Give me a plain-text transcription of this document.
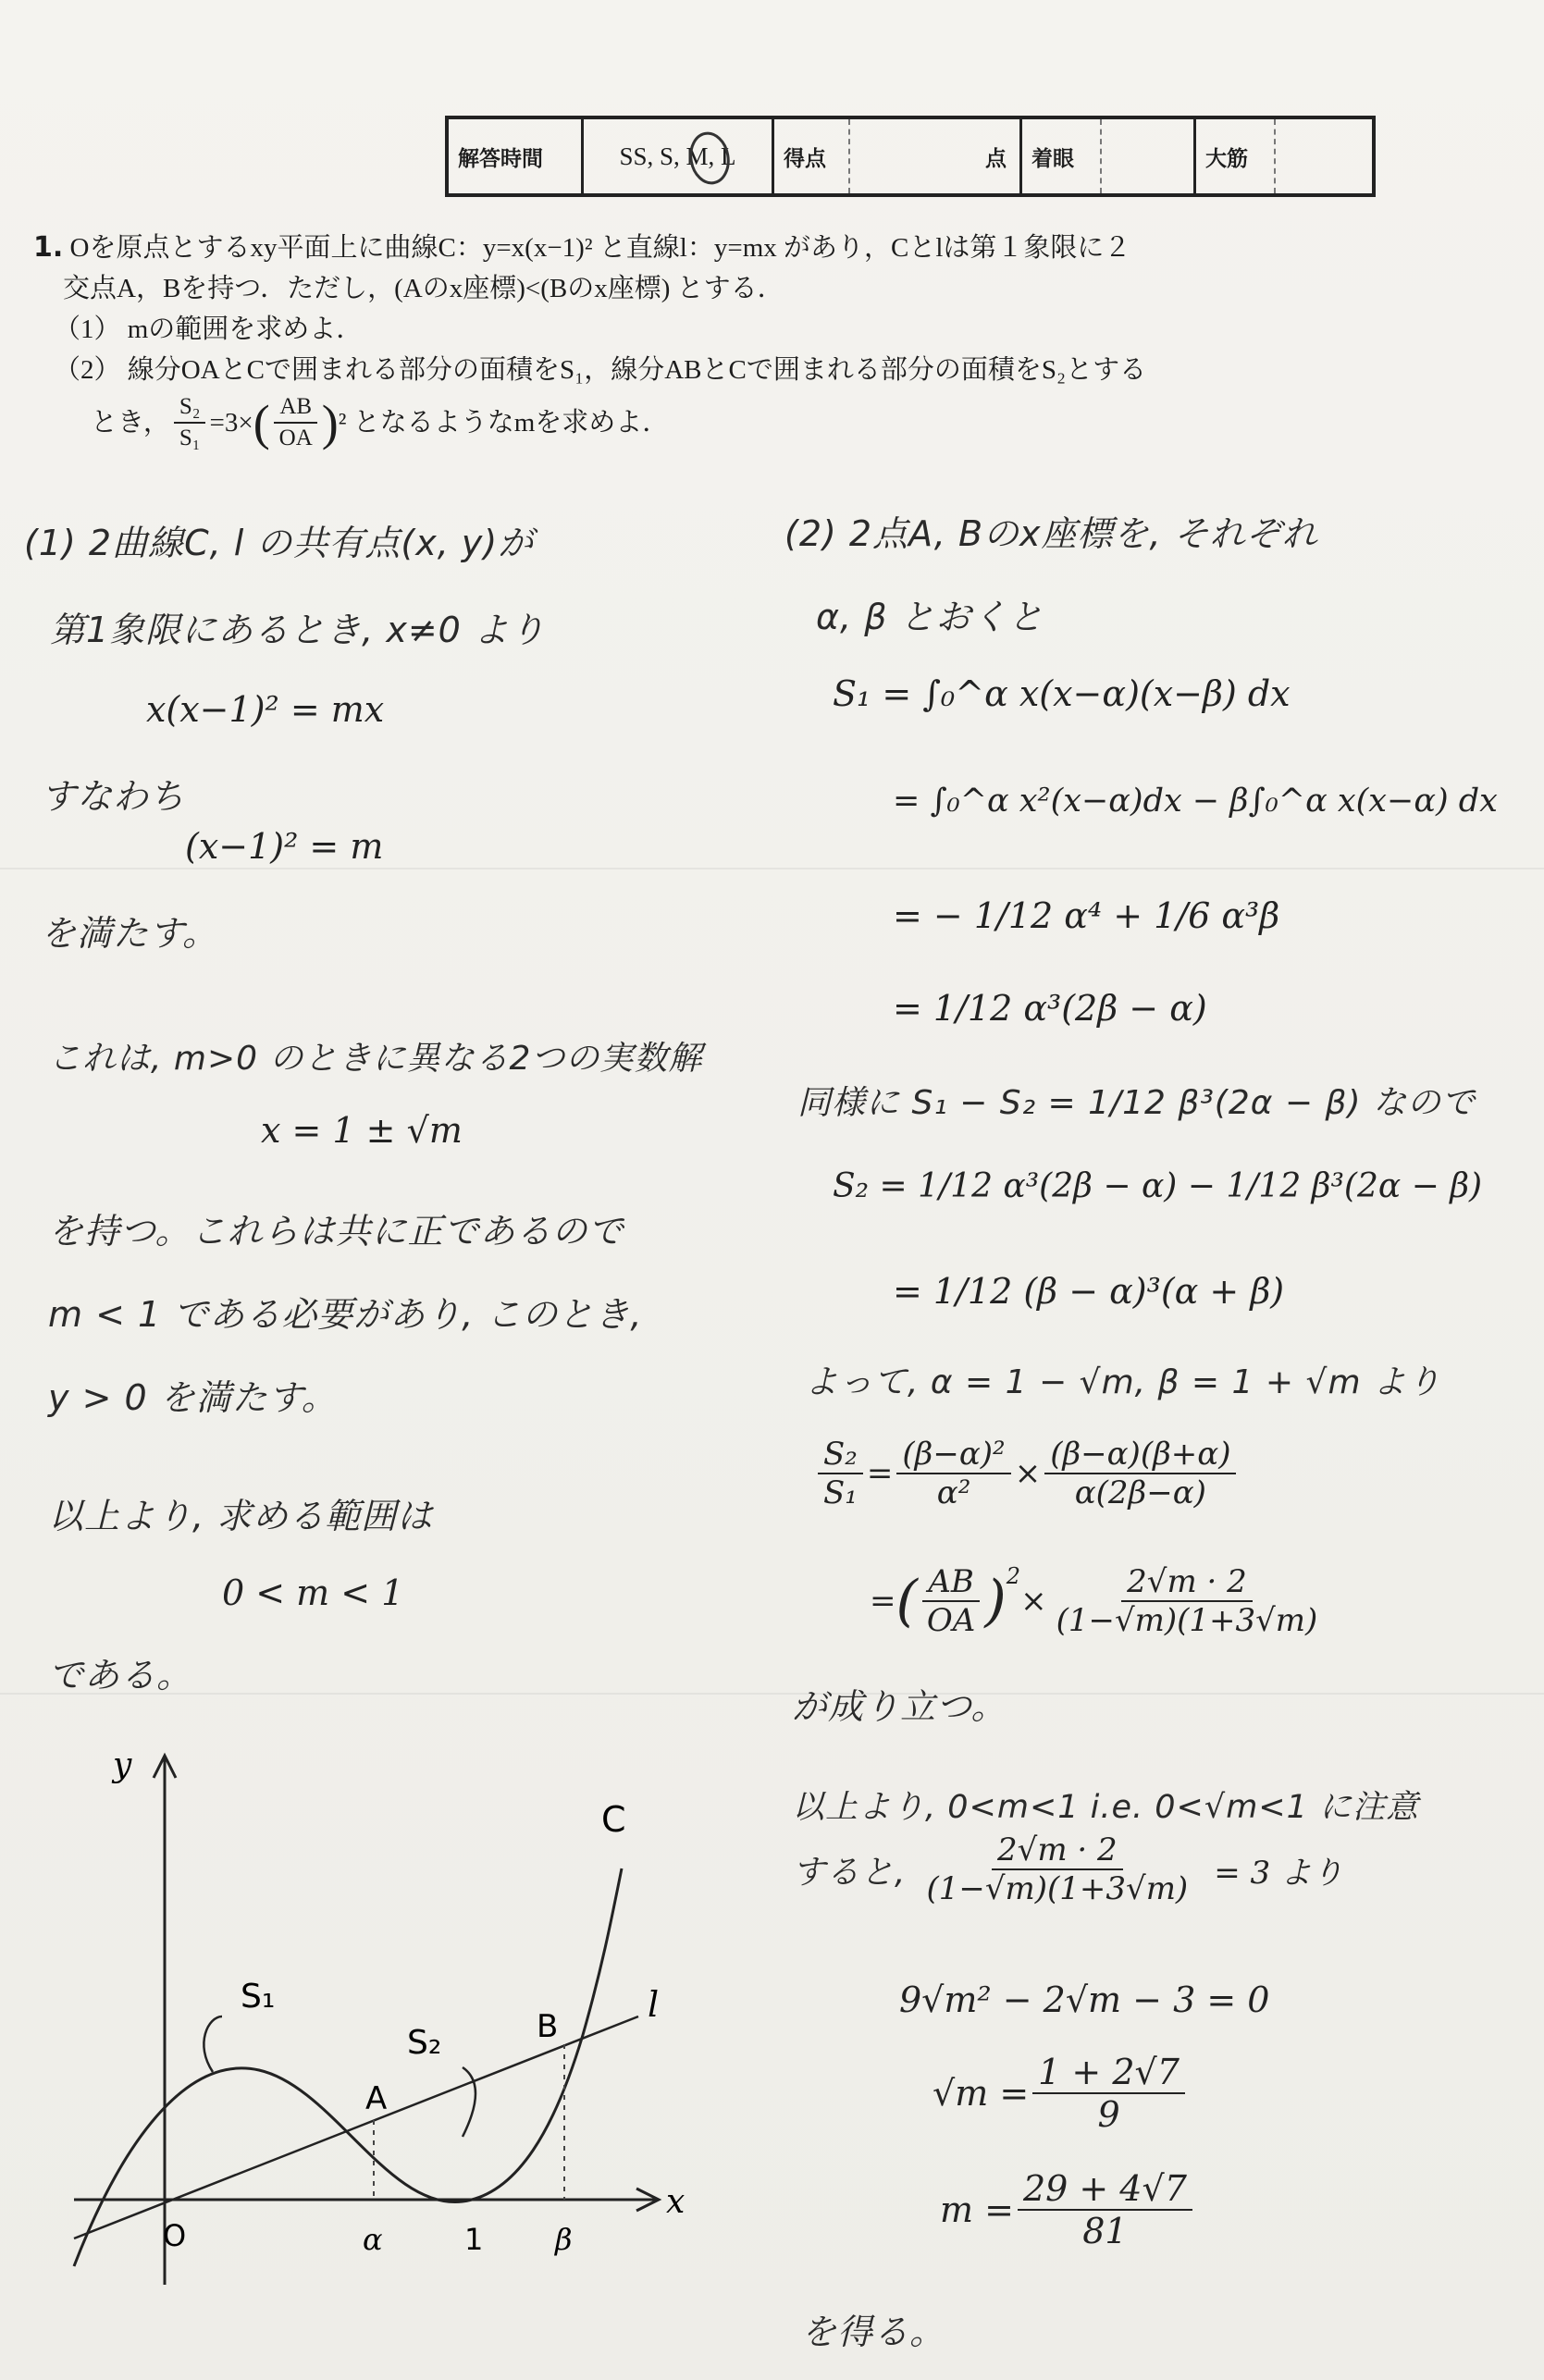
解答時間	SS, S, M, L	得点	点	着眼	大筋
1. Oを原点とするxy平面上に曲線C：y=x(x−1)² と直線l：y=mx があり，Cとlは第１象限に２
交点A，Bを持つ．ただし，(Aのx座標)<(Bのx座標) とする．
（1） mの範囲を求めよ．
（2） 線分OAとCで囲まれる部分の面積をS₁，線分ABとCで囲まれる部分の面積をS₂とする
とき， $\frac{\text{S₂}}{\text{S₁}} =3\times$ ( $\frac{AB}{OA}$ ) ² となるようなmを求めよ．
(1) 2曲線C, l の共有点(x, y)が
第1象限にあるとき, x≠0 より
x(x−1)² = mx
すなわち
(x−1)² = m
を満たす。
これは, m>0 のときに異なる2つの実数解
x = 1 ± √m
を持つ。これらは共に正であるので
m < 1 である必要があり, このとき,
y > 0 を満たす。
以上より, 求める範囲は
0 < m < 1
である。
y
x
O
C
l
S₁
S₂
A
B
α	1 β
(2) 2点A, Bのx座標を, それぞれ
α, β とおくと
S₁ = ∫₀^α x(x−α)(x−β) dx
= ∫₀^α x²(x−α)dx − β∫₀^α x(x−α) dx
= − 1/12 α⁴ + 1/6 α³β
= 1/12 α³(2β − α)
同様に S₁ − S₂ = 1/12 β³(2α − β) なので
S₂ = 1/12 α³(2β − α) − 1/12 β³(2α − β)
= 1/12 (β − α)³(α + β)
よって, α = 1 − √m, β = 1 + √m より
$\frac{\text{S₂}}{\text{S₁}} = \frac{\text{(β−α)²}}{\text{α²}} \times \frac{(\beta-\alpha)(\beta+\alpha)}{\alpha(2\beta-\alpha)}$
= ( $\frac{AB}{OA}$ ) 2
× $\frac{2√m \cdot 2}{(1-√m)(1+3√m)}$
が成り立つ。
以上より, 0<m<1 i.e. 0<√m<1 に注意
すると, $\frac{2√m \cdot 2}{(1-√m)(1+3√m)} = 3$ より
9√m² − 2√m − 3 = 0
$√m = \frac{1 + 2√7}{9}$
$m = \frac{29 + 4√7}{81}$
を得る。
